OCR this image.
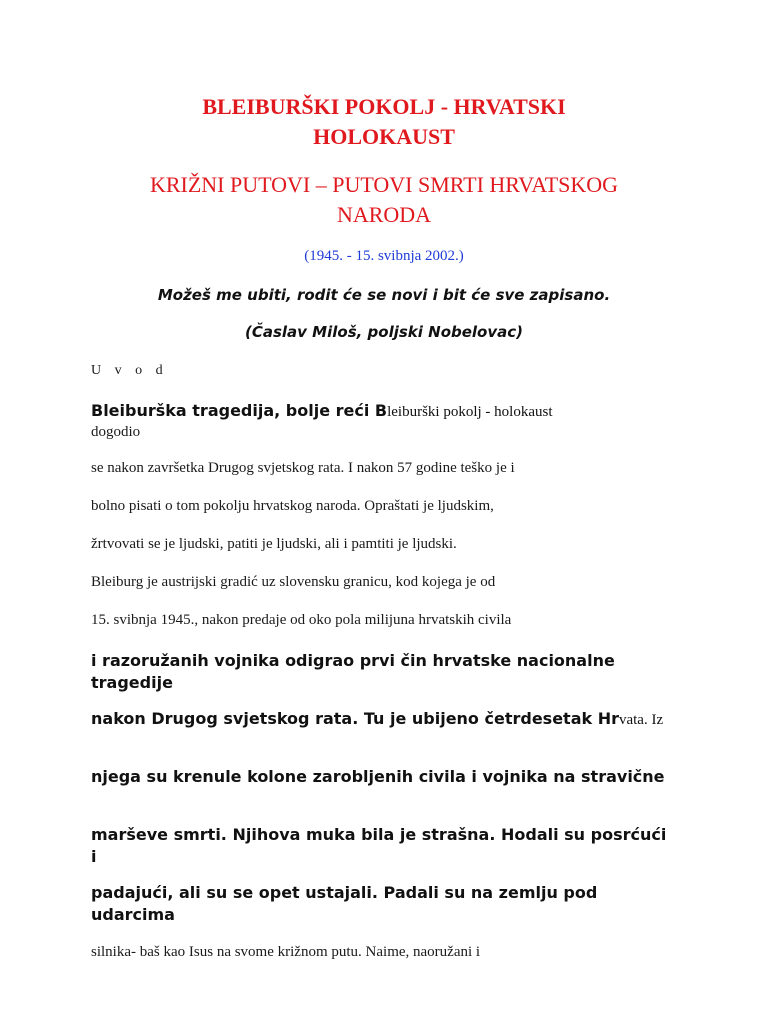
BLEIBURŠKI POKOLJ - HRVATSKI
HOLOKAUST
KRIŽNI PUTOVI – PUTOVI SMRTI HRVATSKOG
NARODA

(1945. - 15. svibnja 2002.)

Možeš me ubiti, rodit će se novi i bit će sve zapisano.

(Časlav Miloš, poljski Nobelovac)

U v o d

Bleiburška tragedija, bolje reći Bleiburški pokolj - holokaust

dogodio

se nakon završetka Drugog svjetskog rata. I nakon 57 godine teško je i

bolno pisati o tom pokolju hrvatskog naroda. Opraštati je ljudskim,

žrtvovati se je ljudski, patiti je ljudski, ali i pamtiti je ljudski.

Bleiburg je austrijski gradić uz slovensku granicu, kod kojega je od

15. svibnja 1945., nakon predaje od oko pola milijuna hrvatskih civila

i razoružanih vojnika odigrao prvi čin hrvatske nacionalne tragedije

nakon Drugog svjetskog rata. Tu je ubijeno četrdesetak Hrvata. Iz

njega su krenule kolone zarobljenih civila i vojnika na stravične

marševe smrti. Njihova muka bila je strašna. Hodali su posrćući i

padajući, ali su se opet ustajali. Padali su na zemlju pod udarcima

silnika- baš kao Isus na svome križnom putu. Naime, naoružani i
